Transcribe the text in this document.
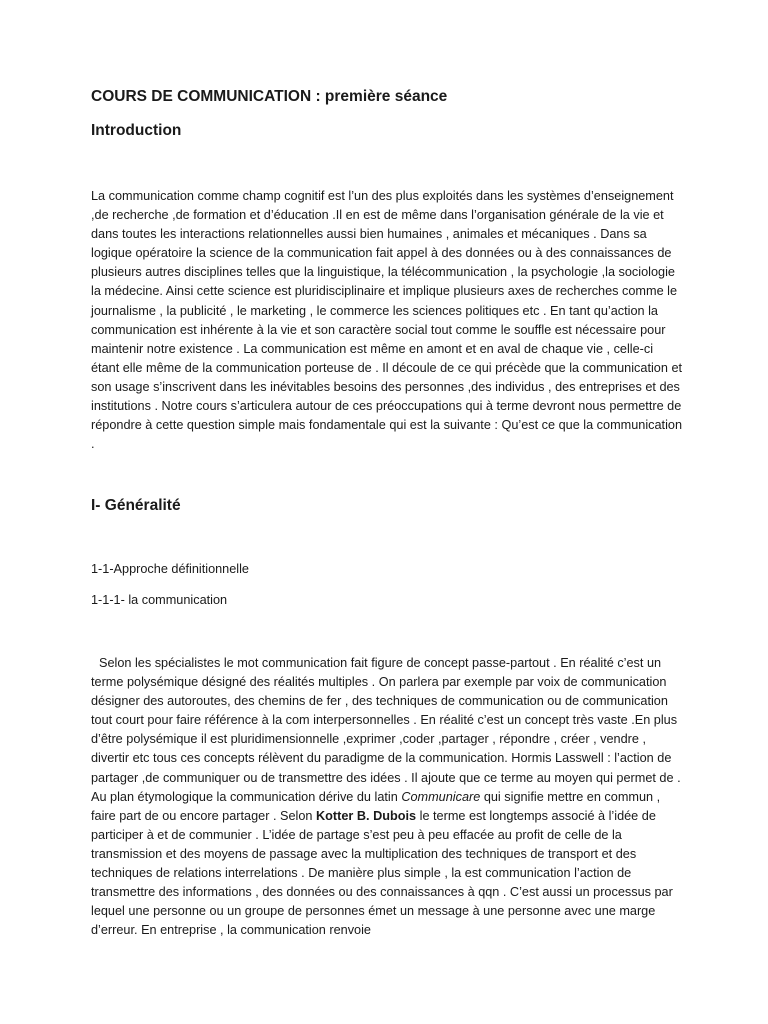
COURS DE COMMUNICATION : première séance

Introduction

La communication comme champ cognitif est l’un des plus exploités dans les systèmes d’enseignement ,de recherche ,de formation et d’éducation .Il en est de même dans l’organisation générale de la vie et dans toutes les interactions relationnelles aussi bien humaines , animales et mécaniques . Dans sa logique opératoire la science de la communication fait appel à des données ou à des connaissances de plusieurs autres disciplines telles que la linguistique, la télécommunication , la psychologie ,la sociologie la médecine. Ainsi cette science est pluridisciplinaire et implique plusieurs axes de recherches comme le journalisme , la publicité , le marketing , le commerce les sciences politiques etc . En tant qu’action la communication est inhérente à la vie et son caractère social tout comme le souffle est nécessaire pour maintenir notre existence . La communication est même en amont et en aval de chaque vie , celle-ci étant elle même de la communication porteuse de . Il découle de ce qui précède que la communication et son usage s’inscrivent dans les inévitables besoins des personnes ,des individus , des entreprises et des institutions . Notre cours s’articulera autour de ces préoccupations qui à terme devront nous permettre de répondre à cette question simple mais fondamentale qui est la suivante : Qu’est ce que la communication .

I- Généralité

1-1-Approche définitionnelle

1-1-1- la communication

Selon les spécialistes le mot communication fait figure de concept passe-partout . En réalité c’est un terme polysémique désigné des réalités multiples . On parlera par exemple par voix de communication désigner des autoroutes, des chemins de fer , des techniques de communication ou de communication tout court pour faire référence à la com interpersonnelles . En réalité c’est un concept très vaste .En plus d’être polysémique il est pluridimensionnelle ,exprimer ,coder ,partager , répondre , créer , vendre , divertir etc tous ces concepts rélèvent du paradigme de la communication. Hormis Lasswell : l’action de partager ,de communiquer ou de transmettre des idées . Il ajoute que ce terme au moyen qui permet de . Au plan étymologique la communication dérive du latin Communicare qui signifie mettre en commun , faire part de ou encore partager . Selon Kotter B. Dubois le terme est longtemps associé à l’idée de participer à et de communier . L’idée de partage s’est peu à peu effacée au profit de celle de la transmission et des moyens de passage avec la multiplication des techniques de transport et des techniques de relations interrelations . De manière plus simple , la est communication l’action de transmettre des informations , des données ou des connaissances à qqn . C’est aussi un processus par lequel une personne ou un groupe de personnes émet un message à une personne avec une marge d’erreur. En entreprise , la communication renvoie
